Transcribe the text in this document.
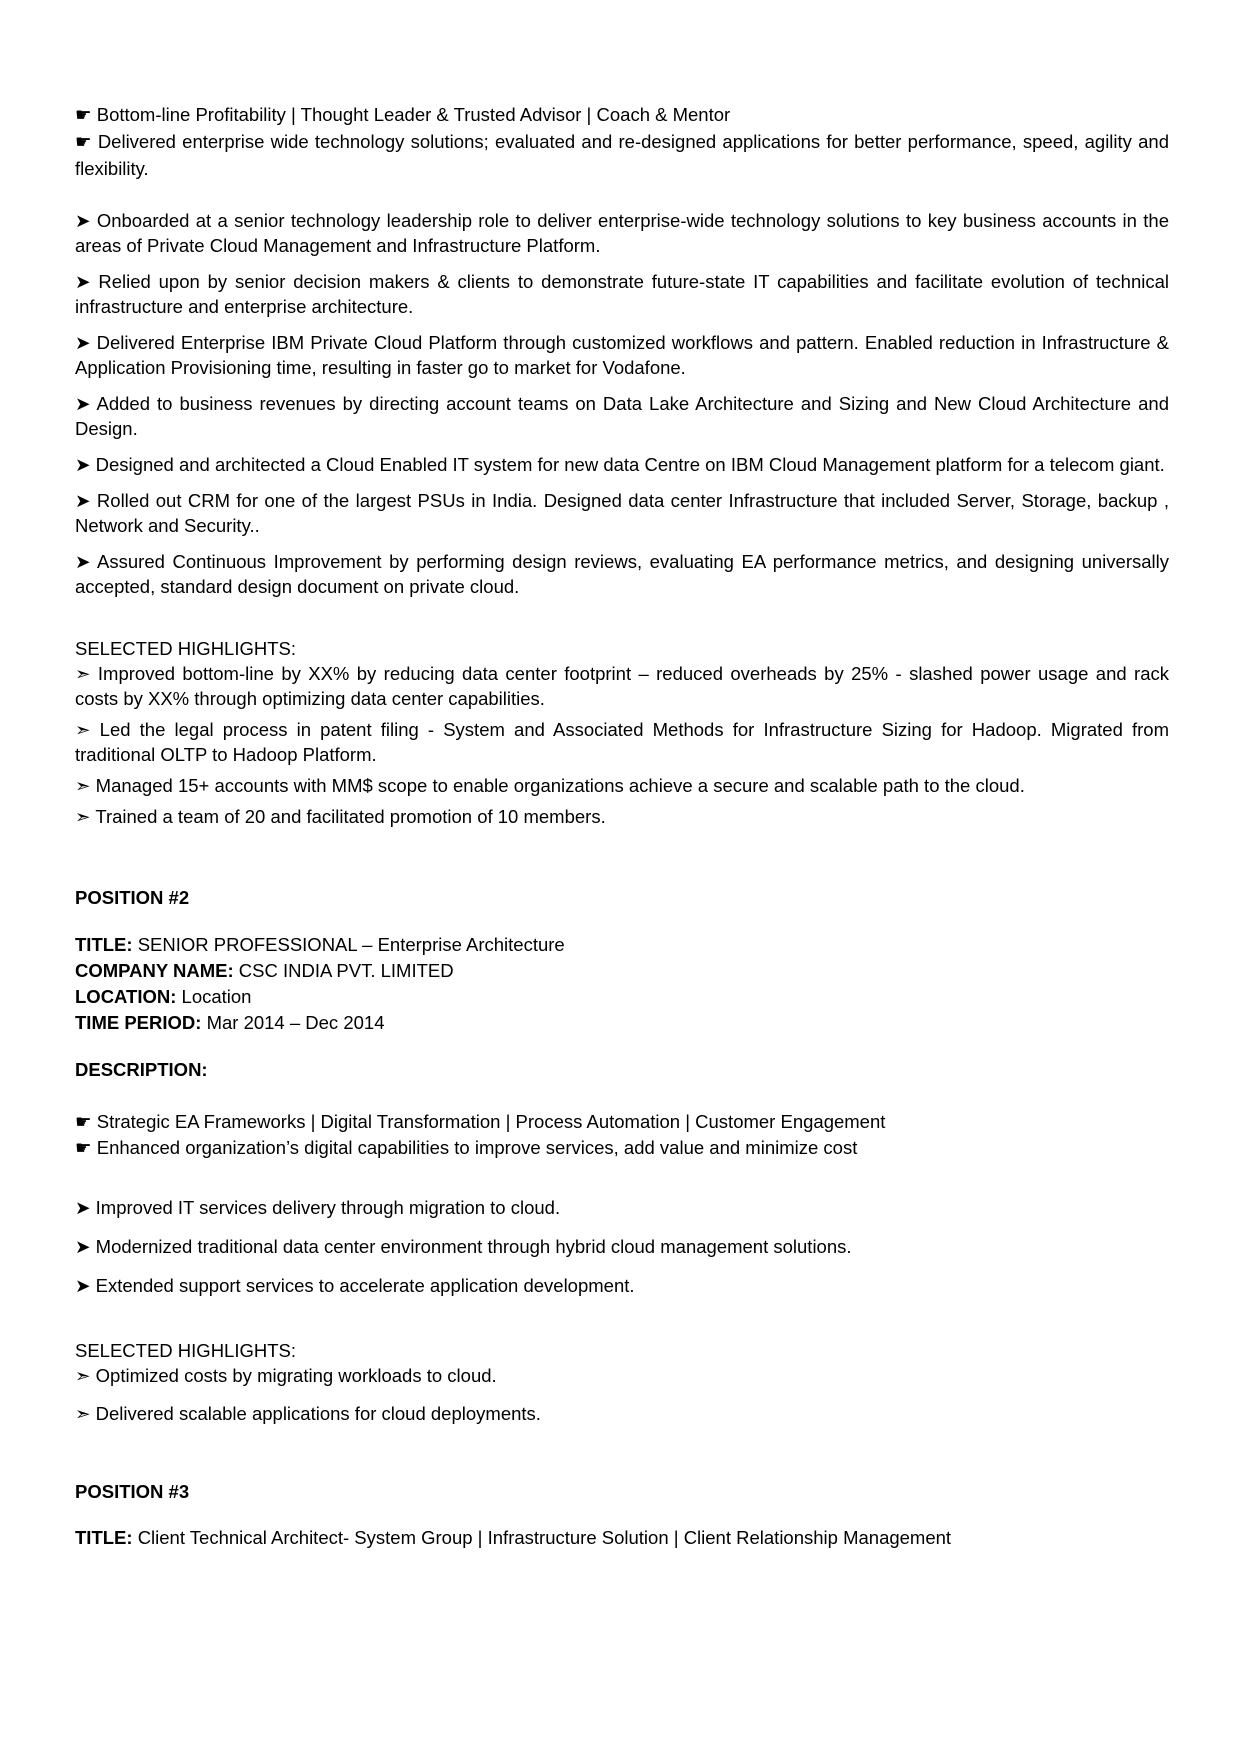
☛ Bottom-line Profitability | Thought Leader & Trusted Advisor | Coach & Mentor

☛ Delivered enterprise wide technology solutions; evaluated and re-designed applications for better performance, speed, agility and flexibility.

➤ Onboarded at a senior technology leadership role to deliver enterprise-wide technology solutions to key business accounts in the areas of Private Cloud Management and Infrastructure Platform.

➤ Relied upon by senior decision makers & clients to demonstrate future-state IT capabilities and facilitate evolution of technical infrastructure and enterprise architecture.

➤ Delivered Enterprise IBM Private Cloud Platform through customized workflows and pattern. Enabled reduction in Infrastructure & Application Provisioning time, resulting in faster go to market for Vodafone.

➤ Added to business revenues by directing account teams on Data Lake Architecture and Sizing and New Cloud Architecture and Design.

➤ Designed and architected a Cloud Enabled IT system for new data Centre on IBM Cloud Management platform for a telecom giant.

➤ Rolled out CRM for one of the largest PSUs in India. Designed data center Infrastructure that included Server, Storage, backup , Network and Security..

➤ Assured Continuous Improvement by performing design reviews, evaluating EA performance metrics, and designing universally accepted, standard design document on private cloud.

SELECTED HIGHLIGHTS:

➣ Improved bottom-line by XX% by reducing data center footprint – reduced overheads by 25% - slashed power usage and rack costs by XX% through optimizing data center capabilities.

➣ Led the legal process in patent filing - System and Associated Methods for Infrastructure Sizing for Hadoop. Migrated from traditional OLTP to Hadoop Platform.

➣ Managed 15+ accounts with MM$ scope to enable organizations achieve a secure and scalable path to the cloud.

➣ Trained a team of 20 and facilitated promotion of 10 members.

POSITION #2

TITLE: SENIOR PROFESSIONAL – Enterprise Architecture

COMPANY NAME: CSC INDIA PVT. LIMITED

LOCATION: Location

TIME PERIOD: Mar 2014 – Dec 2014

DESCRIPTION:

☛ Strategic EA Frameworks | Digital Transformation | Process Automation | Customer Engagement

☛ Enhanced organization’s digital capabilities to improve services, add value and minimize cost

➤ Improved IT services delivery through migration to cloud.

➤ Modernized traditional data center environment through hybrid cloud management solutions.

➤ Extended support services to accelerate application development.

SELECTED HIGHLIGHTS:

➣ Optimized costs by migrating workloads to cloud.

➣ Delivered scalable applications for cloud deployments.

POSITION #3

TITLE: Client Technical Architect- System Group | Infrastructure Solution | Client Relationship Management
